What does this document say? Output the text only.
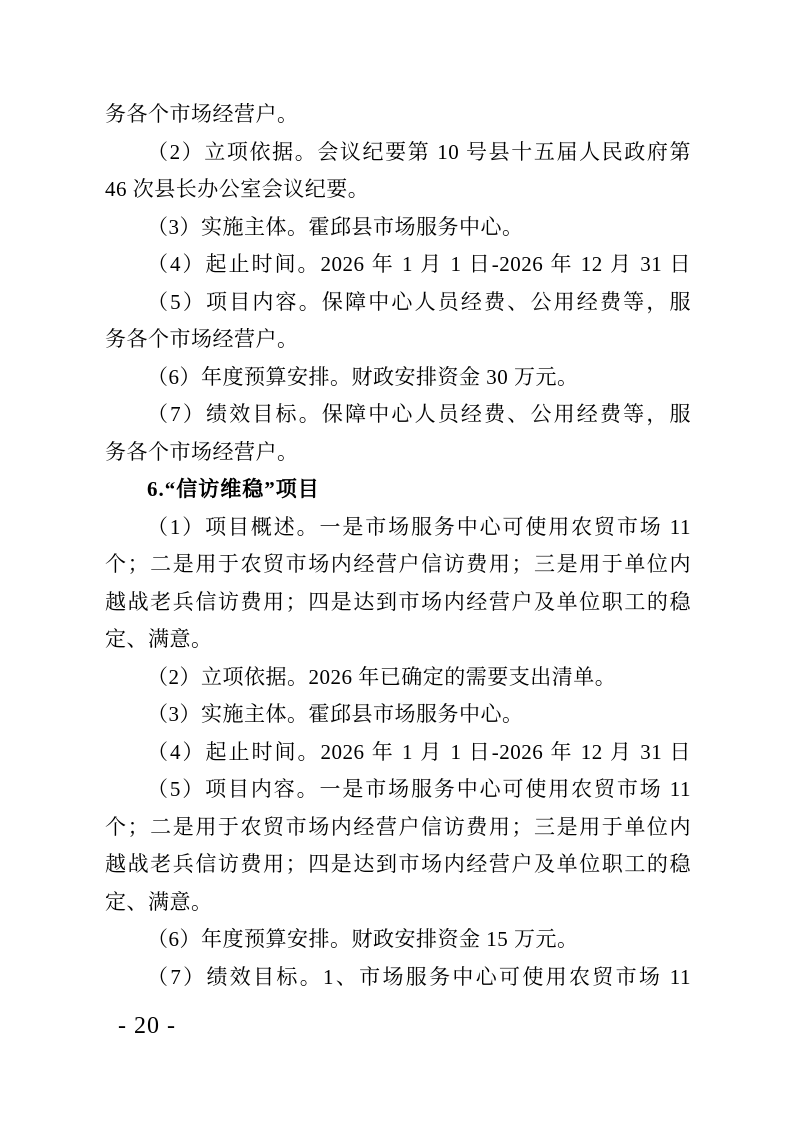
务各个市场经营户。
（2）立项依据。会议纪要第 10 号县十五届人民政府第
46 次县长办公室会议纪要。
（3）实施主体。霍邱县市场服务中心。
（4）起止时间。2026 年 1 月 1 日-2026 年 12 月 31 日
（5）项目内容。保障中心人员经费、公用经费等，服
务各个市场经营户。
（6）年度预算安排。财政安排资金 30 万元。
（7）绩效目标。保障中心人员经费、公用经费等，服
务各个市场经营户。
6.“信访维稳”项目
（1）项目概述。一是市场服务中心可使用农贸市场 11
个；二是用于农贸市场内经营户信访费用；三是用于单位内
越战老兵信访费用；四是达到市场内经营户及单位职工的稳
定、满意。
（2）立项依据。2026 年已确定的需要支出清单。
（3）实施主体。霍邱县市场服务中心。
（4）起止时间。2026 年 1 月 1 日-2026 年 12 月 31 日
（5）项目内容。一是市场服务中心可使用农贸市场 11
个；二是用于农贸市场内经营户信访费用；三是用于单位内
越战老兵信访费用；四是达到市场内经营户及单位职工的稳
定、满意。
（6）年度预算安排。财政安排资金 15 万元。
（7）绩效目标。1、市场服务中心可使用农贸市场 11
- 20 -
